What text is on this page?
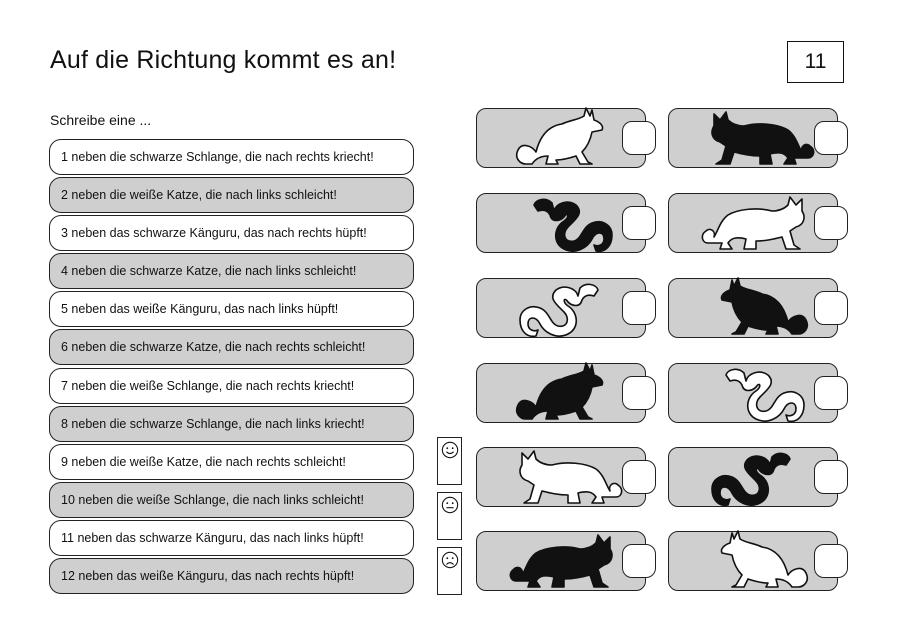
Auf die Richtung kommt es an!	11
Schreibe eine ...
1 neben die schwarze Schlange, die nach rechts kriecht!
2 neben die weiße Katze, die nach links schleicht!
3 neben das schwarze Känguru, das nach rechts hüpft!
4 neben die schwarze Katze, die nach links schleicht!
5 neben das weiße Känguru, das nach links hüpft!
6 neben die schwarze Katze, die nach rechts schleicht!
7 neben die weiße Schlange, die nach rechts kriecht!
8 neben die schwarze Schlange, die nach links kriecht!
9 neben die weiße Katze, die nach rechts schleicht!
10 neben die weiße Schlange, die nach links schleicht!
11 neben das schwarze Känguru, das nach links hüpft!
12 neben das weiße Känguru, das nach rechts hüpft!
